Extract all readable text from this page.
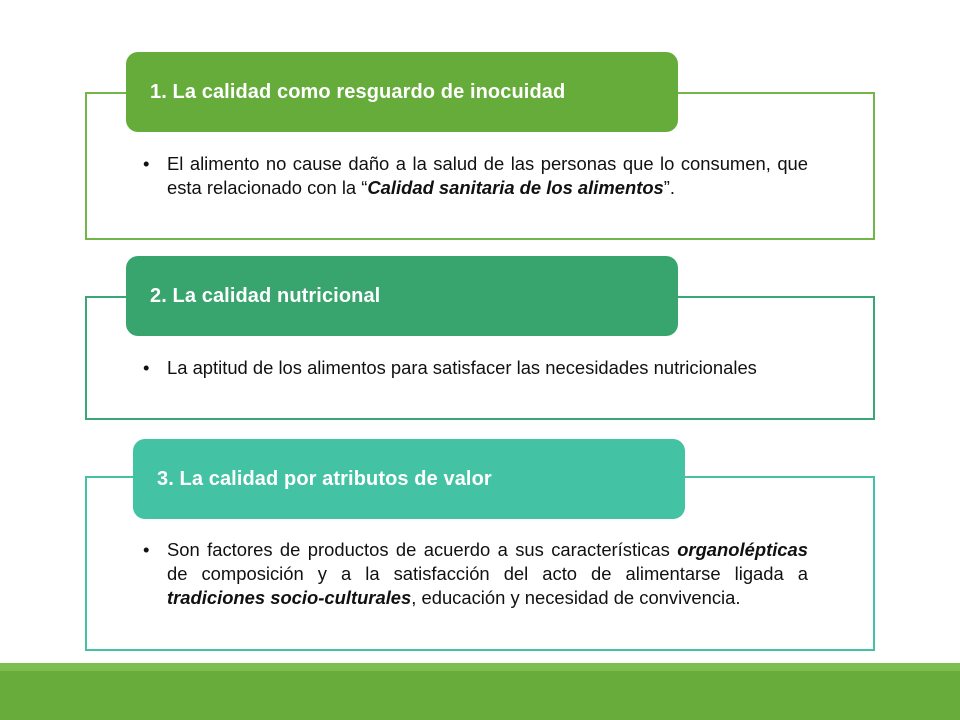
1. La calidad como resguardo de inocuidad
• El alimento no cause daño a la salud de las personas que lo consumen, que esta relacionado con la “Calidad sanitaria de los alimentos”.
2. La calidad nutricional
• La aptitud de los alimentos para satisfacer las necesidades nutricionales
3. La calidad por atributos de valor
• Son factores de productos de acuerdo a sus características organolépticas de composición y a la satisfacción del acto de alimentarse ligada a tradiciones socio-culturales, educación y necesidad de convivencia.
